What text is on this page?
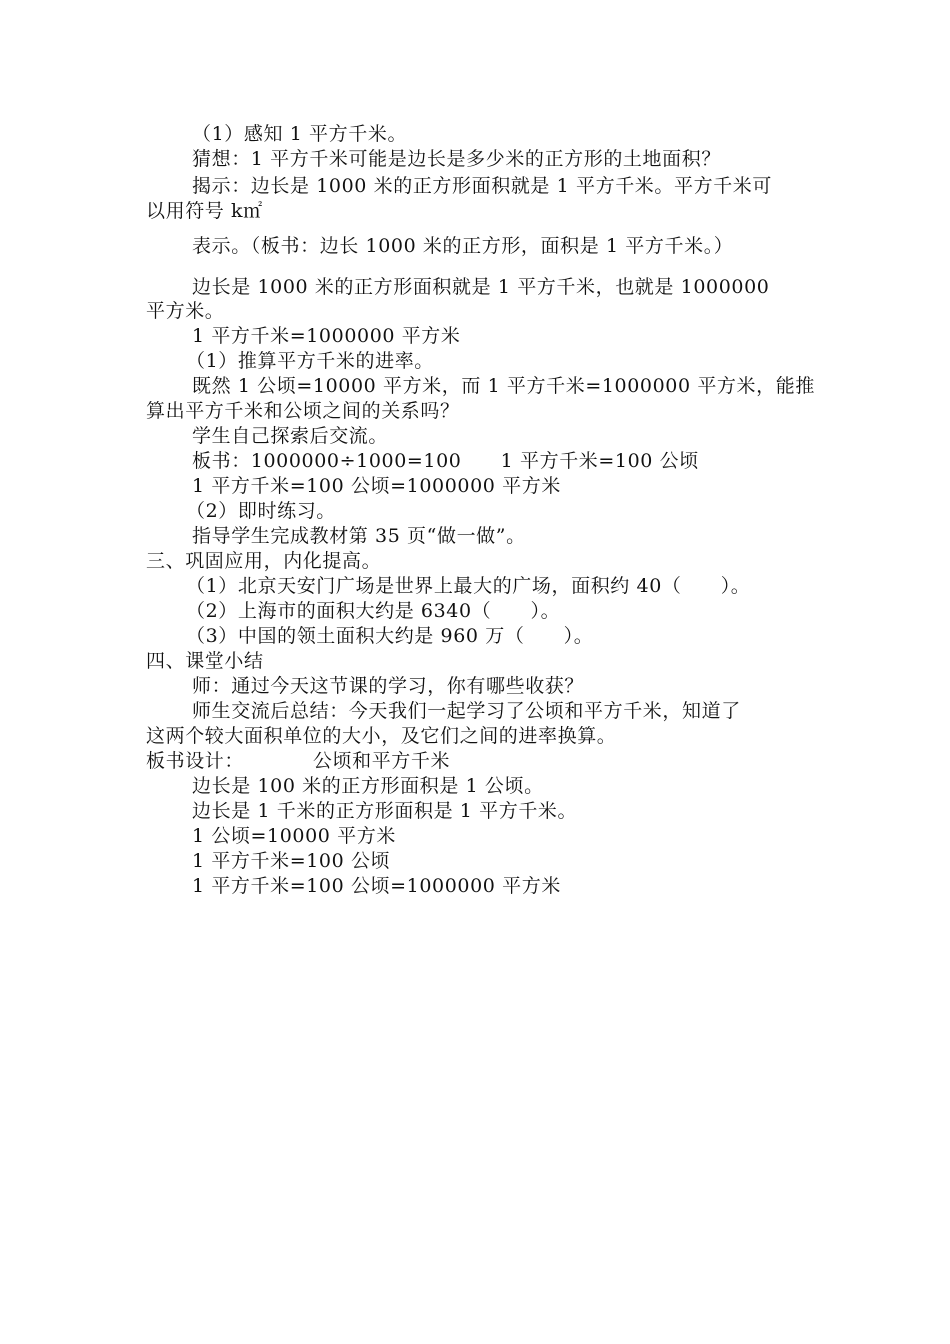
（1）感知 1 平方千米。
猜想：1 平方千米可能是边长是多少米的正方形的土地面积？
揭示：边长是 1000 米的正方形面积就是 1 平方千米。平方千米可
以用符号 k㎡
表示。（板书：边长 1000 米的正方形，面积是 1 平方千米。）
边长是 1000 米的正方形面积就是 1 平方千米，也就是 1000000
平方米。
1 平方千米=1000000 平方米
（1）推算平方千米的进率。
既然 1 公顷=10000 平方米，而 1 平方千米=1000000 平方米，能推
算出平方千米和公顷之间的关系吗？
学生自己探索后交流。
板书：1000000÷1000=100　　1 平方千米=100 公顷
1 平方千米=100 公顷=1000000 平方米
（2）即时练习。
指导学生完成教材第 35 页“做一做”。
三、巩固应用，内化提高。
（1）北京天安门广场是世界上最大的广场，面积约 40（　　）。
（2）上海市的面积大约是 6340（　　）。
（3）中国的领土面积大约是 960 万（　　）。
四、课堂小结
师：通过今天这节课的学习，你有哪些收获？
师生交流后总结：今天我们一起学习了公顷和平方千米，知道了
这两个较大面积单位的大小，及它们之间的进率换算。
板书设计：　　　　公顷和平方千米
边长是 100 米的正方形面积是 1 公顷。
边长是 1 千米的正方形面积是 1 平方千米。
1 公顷=10000 平方米
1 平方千米=100 公顷
1 平方千米=100 公顷=1000000 平方米
